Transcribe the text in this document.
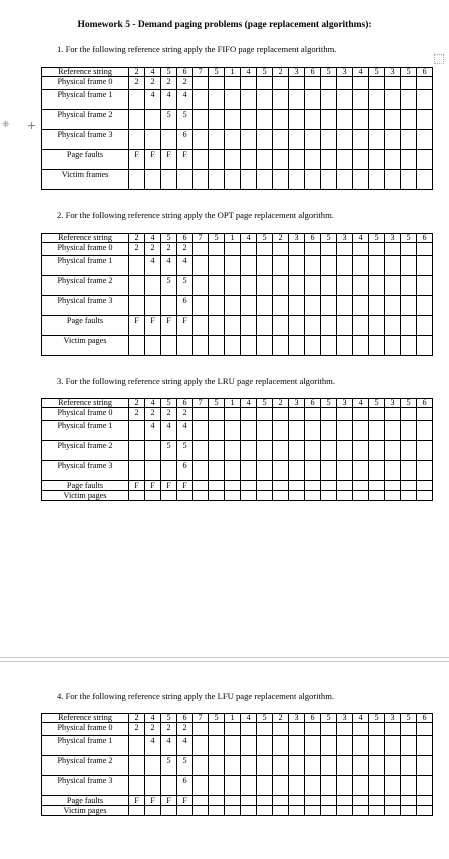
Homework 5 - Demand paging problems (page replacement algorithms):
⁜ +
1. For the following reference string apply the FIFO page replacement algorithm.
Reference string	2	4	5	6	7	5	1	4	5	2	3	6	5	3	4	5	3	5	6
Physical frame 0	2	2	2	2															
Physical frame 1		4	4	4															
Physical frame 2			5	5															
Physical frame 3				6															
Page faults	F	F	F	F															
Victim frames																			
2. For the following reference string apply the OPT page replacement algorithm.
Reference string	2	4	5	6	7	5	1	4	5	2	3	6	5	3	4	5	3	5	6
Physical frame 0	2	2	2	2															
Physical frame 1		4	4	4															
Physical frame 2			5	5															
Physical frame 3				6															
Page faults	F	F	F	F															
Victim pages																			
3. For the following reference string apply the LRU page replacement algorithm.
Reference string	2	4	5	6	7	5	1	4	5	2	3	6	5	3	4	5	3	5	6
Physical frame 0	2	2	2	2															
Physical frame 1		4	4	4															
Physical frame 2			5	5															
Physical frame 3				6															
Page faults	F	F	F	F															
Victim pages																			
4. For the following reference string apply the LFU page replacement algorithm.
Reference string	2	4	5	6	7	5	1	4	5	2	3	6	5	3	4	5	3	5	6
Physical frame 0	2	2	2	2															
Physical frame 1		4	4	4															
Physical frame 2			5	5															
Physical frame 3				6															
Page faults	F	F	F	F															
Victim pages																			
